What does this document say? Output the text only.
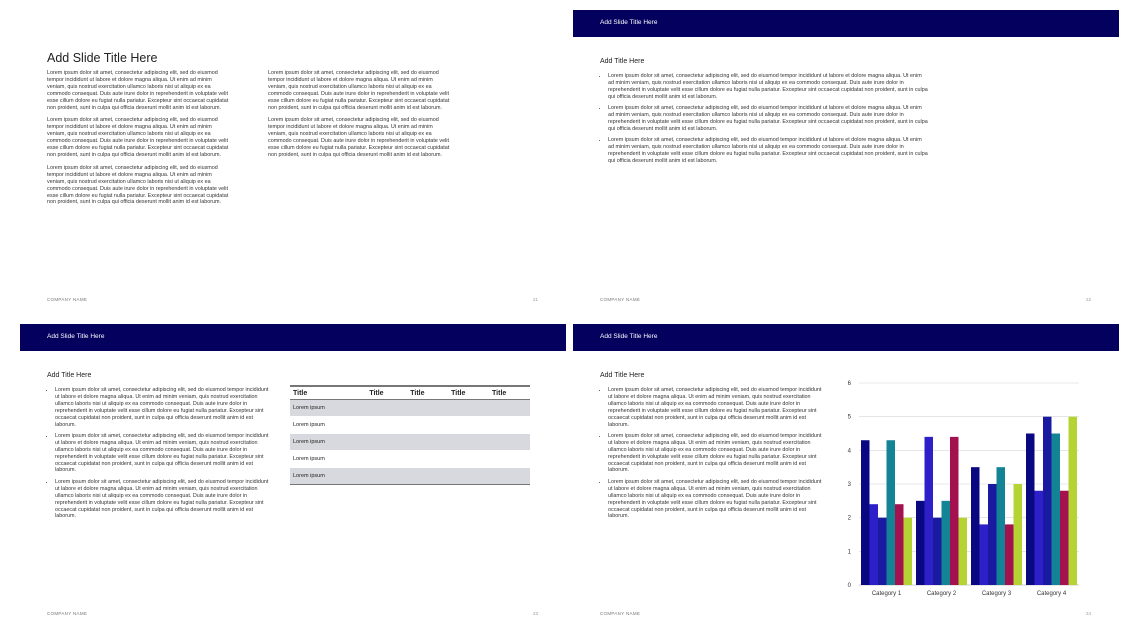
Add Slide Title Here

Lorem ipsum dolor sit amet, consectetur adipiscing elit, sed do eiusmod tempor incididunt ut labore et dolore magna aliqua. Ut enim ad minim veniam, quis nostrud exercitation ullamco laboris nisi ut aliquip ex ea commodo consequat. Duis aute irure dolor in reprehenderit in voluptate velit esse cillum dolore eu fugiat nulla pariatur. Excepteur sint occaecat cupidatat non proident, sunt in culpa qui officia deserunt mollit anim id est laborum.

Lorem ipsum dolor sit amet, consectetur adipiscing elit, sed do eiusmod tempor incididunt ut labore et dolore magna aliqua. Ut enim ad minim veniam, quis nostrud exercitation ullamco laboris nisi ut aliquip ex ea commodo consequat. Duis aute irure dolor in reprehenderit in voluptate velit esse cillum dolore eu fugiat nulla pariatur. Excepteur sint occaecat cupidatat non proident, sunt in culpa qui officia deserunt mollit anim id est laborum.

Lorem ipsum dolor sit amet, consectetur adipiscing elit, sed do eiusmod tempor incididunt ut labore et dolore magna aliqua. Ut enim ad minim veniam, quis nostrud exercitation ullamco laboris nisi ut aliquip ex ea commodo consequat. Duis aute irure dolor in reprehenderit in voluptate velit esse cillum dolore eu fugiat nulla pariatur. Excepteur sint occaecat cupidatat non proident, sunt in culpa qui officia deserunt mollit anim id est laborum.

Lorem ipsum dolor sit amet, consectetur adipiscing elit, sed do eiusmod tempor incididunt ut labore et dolore magna aliqua. Ut enim ad minim veniam, quis nostrud exercitation ullamco laboris nisi ut aliquip ex ea commodo consequat. Duis aute irure dolor in reprehenderit in voluptate velit esse cillum dolore eu fugiat nulla pariatur. Excepteur sint occaecat cupidatat non proident, sunt in culpa qui officia deserunt mollit anim id est laborum.

Lorem ipsum dolor sit amet, consectetur adipiscing elit, sed do eiusmod tempor incididunt ut labore et dolore magna aliqua. Ut enim ad minim veniam, quis nostrud exercitation ullamco laboris nisi ut aliquip ex ea commodo consequat. Duis aute irure dolor in reprehenderit in voluptate velit esse cillum dolore eu fugiat nulla pariatur. Excepteur sint occaecat cupidatat non proident, sunt in culpa qui officia deserunt mollit anim id est laborum.

COMPANY NAME	21
Add Slide Title Here
Add Title Here
• Lorem ipsum dolor sit amet, consectetur adipiscing elit, sed do eiusmod tempor incididunt ut labore et dolore magna aliqua. Ut enim ad minim veniam, quis nostrud exercitation ullamco laboris nisi ut aliquip ex ea commodo consequat. Duis aute irure dolor in reprehenderit in voluptate velit esse cillum dolore eu fugiat nulla pariatur. Excepteur sint occaecat cupidatat non proident, sunt in culpa qui officia deserunt mollit anim id est laborum.
• Lorem ipsum dolor sit amet, consectetur adipiscing elit, sed do eiusmod tempor incididunt ut labore et dolore magna aliqua. Ut enim ad minim veniam, quis nostrud exercitation ullamco laboris nisi ut aliquip ex ea commodo consequat. Duis aute irure dolor in reprehenderit in voluptate velit esse cillum dolore eu fugiat nulla pariatur. Excepteur sint occaecat cupidatat non proident, sunt in culpa qui officia deserunt mollit anim id est laborum.
• Lorem ipsum dolor sit amet, consectetur adipiscing elit, sed do eiusmod tempor incididunt ut labore et dolore magna aliqua. Ut enim ad minim veniam, quis nostrud exercitation ullamco laboris nisi ut aliquip ex ea commodo consequat. Duis aute irure dolor in reprehenderit in voluptate velit esse cillum dolore eu fugiat nulla pariatur. Excepteur sint occaecat cupidatat non proident, sunt in culpa qui officia deserunt mollit anim id est laborum.
COMPANY NAME	22
Add Slide Title Here
Add Title Here
• Lorem ipsum dolor sit amet, consectetur adipiscing elit, sed do eiusmod tempor incididunt ut labore et dolore magna aliqua. Ut enim ad minim veniam, quis nostrud exercitation ullamco laboris nisi ut aliquip ex ea commodo consequat. Duis aute irure dolor in reprehenderit in voluptate velit esse cillum dolore eu fugiat nulla pariatur. Excepteur sint occaecat cupidatat non proident, sunt in culpa qui officia deserunt mollit anim id est laborum.
• Lorem ipsum dolor sit amet, consectetur adipiscing elit, sed do eiusmod tempor incididunt ut labore et dolore magna aliqua. Ut enim ad minim veniam, quis nostrud exercitation ullamco laboris nisi ut aliquip ex ea commodo consequat. Duis aute irure dolor in reprehenderit in voluptate velit esse cillum dolore eu fugiat nulla pariatur. Excepteur sint occaecat cupidatat non proident, sunt in culpa qui officia deserunt mollit anim id est laborum.
• Lorem ipsum dolor sit amet, consectetur adipiscing elit, sed do eiusmod tempor incididunt ut labore et dolore magna aliqua. Ut enim ad minim veniam, quis nostrud exercitation ullamco laboris nisi ut aliquip ex ea commodo consequat. Duis aute irure dolor in reprehenderit in voluptate velit esse cillum dolore eu fugiat nulla pariatur. Excepteur sint occaecat cupidatat non proident, sunt in culpa qui officia deserunt mollit anim id est laborum.
Title	Title	Title	Title	Title
Lorem ipsum				
Lorem ipsum				
Lorem ipsum				
Lorem ipsum				
Lorem ipsum				
COMPANY NAME	23
Add Slide Title Here
Add Title Here
• Lorem ipsum dolor sit amet, consectetur adipiscing elit, sed do eiusmod tempor incididunt ut labore et dolore magna aliqua. Ut enim ad minim veniam, quis nostrud exercitation ullamco laboris nisi ut aliquip ex ea commodo consequat. Duis aute irure dolor in reprehenderit in voluptate velit esse cillum dolore eu fugiat nulla pariatur. Excepteur sint occaecat cupidatat non proident, sunt in culpa qui officia deserunt mollit anim id est laborum.
• Lorem ipsum dolor sit amet, consectetur adipiscing elit, sed do eiusmod tempor incididunt ut labore et dolore magna aliqua. Ut enim ad minim veniam, quis nostrud exercitation ullamco laboris nisi ut aliquip ex ea commodo consequat. Duis aute irure dolor in reprehenderit in voluptate velit esse cillum dolore eu fugiat nulla pariatur. Excepteur sint occaecat cupidatat non proident, sunt in culpa qui officia deserunt mollit anim id est laborum.
• Lorem ipsum dolor sit amet, consectetur adipiscing elit, sed do eiusmod tempor incididunt ut labore et dolore magna aliqua. Ut enim ad minim veniam, quis nostrud exercitation ullamco laboris nisi ut aliquip ex ea commodo consequat. Duis aute irure dolor in reprehenderit in voluptate velit esse cillum dolore eu fugiat nulla pariatur. Excepteur sint occaecat cupidatat non proident, sunt in culpa qui officia deserunt mollit anim id est laborum.
0
1
2
3
4
5
6
Category 1	Category 2	Category 3	Category 4
COMPANY NAME	24
